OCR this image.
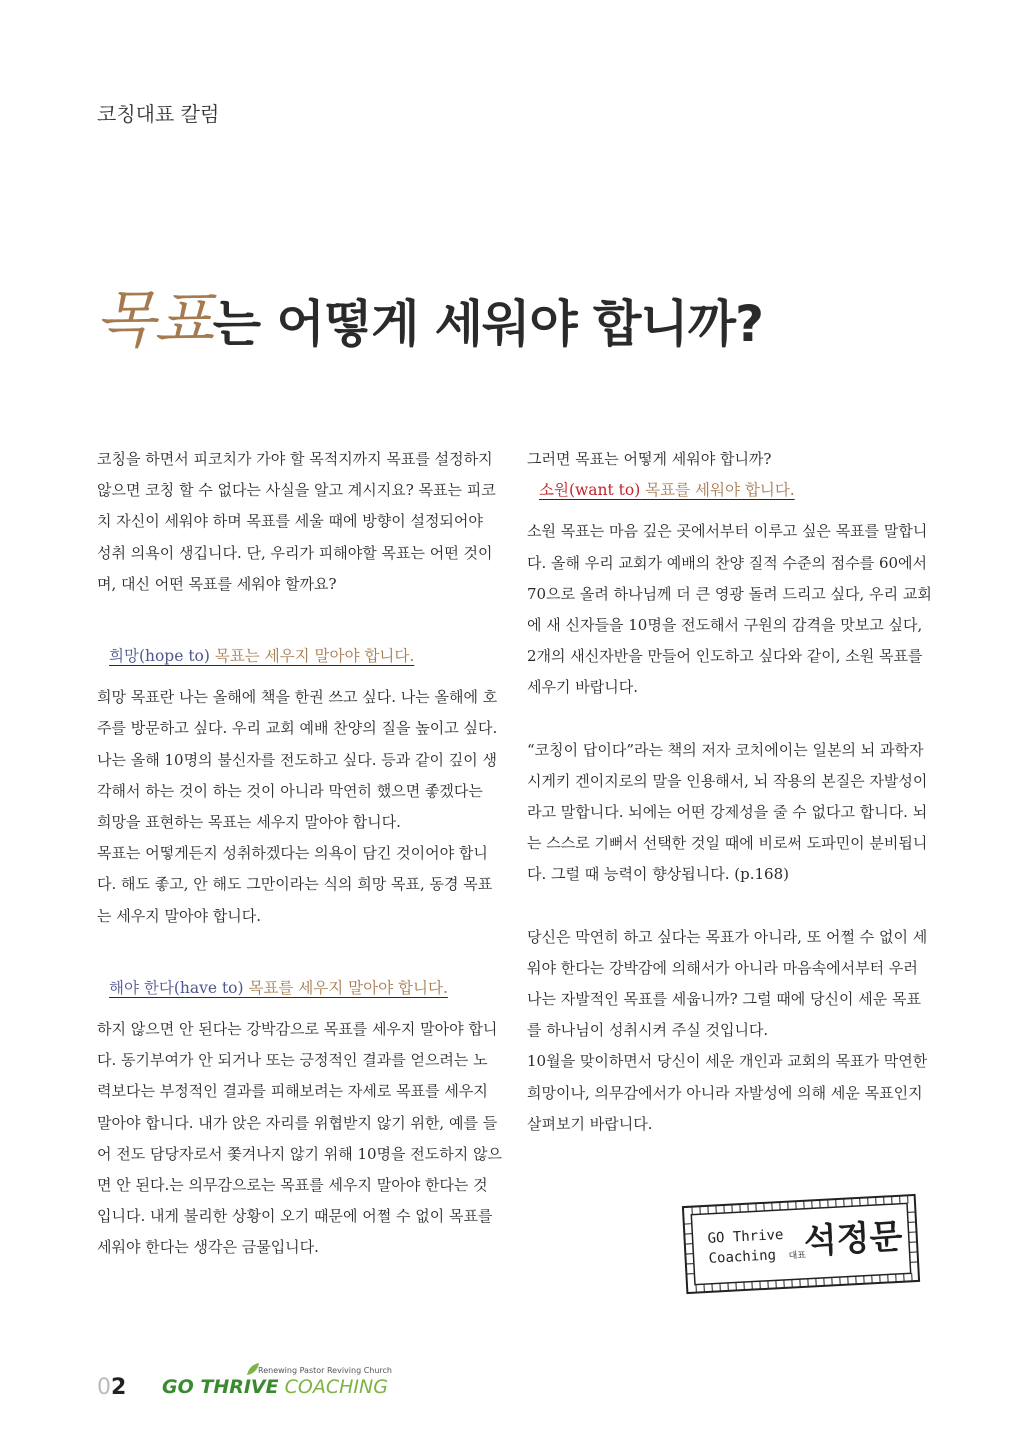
코칭대표 칼럼
목표는 어떻게 세워야 합니까?

코칭을 하면서 피코치가 가야 할 목적지까지 목표를 설정하지 않으면 코칭 할 수 없다는 사실을 알고 계시지요? 목표는 피코치 자신이 세워야 하며 목표를 세울 때에 방향이 설정되어야 성취 의욕이 생깁니다. 단, 우리가 피해야할 목표는 어떤 것이며, 대신 어떤 목표를 세워야 할까요?

희망(hope to) 목표는 세우지 말아야 합니다.

희망 목표란 나는 올해에 책을 한권 쓰고 싶다. 나는 올해에 호주를 방문하고 싶다. 우리 교회 예배 찬양의 질을 높이고 싶다. 나는 올해 10명의 불신자를 전도하고 싶다. 등과 같이 깊이 생각해서 하는 것이 하는 것이 아니라 막연히 했으면 좋겠다는 희망을 표현하는 목표는 세우지 말아야 합니다.

목표는 어떻게든지 성취하겠다는 의욕이 담긴 것이어야 합니다. 해도 좋고, 안 해도 그만이라는 식의 희망 목표, 동경 목표는 세우지 말아야 합니다.

해야 한다(have to) 목표를 세우지 말아야 합니다.

하지 않으면 안 된다는 강박감으로 목표를 세우지 말아야 합니다. 동기부여가 안 되거나 또는 긍정적인 결과를 얻으려는 노력보다는 부정적인 결과를 피해보려는 자세로 목표를 세우지 말아야 합니다. 내가 앉은 자리를 위협받지 않기 위한, 예를 들어 전도 담당자로서 쫓겨나지 않기 위해 10명을 전도하지 않으면 안 된다.는 의무감으로는 목표를 세우지 말아야 한다는 것입니다. 내게 불리한 상황이 오기 때문에 어쩔 수 없이 목표를 세워야 한다는 생각은 금물입니다.

그러면 목표는 어떻게 세워야 합니까?

소원(want to) 목표를 세워야 합니다.

소원 목표는 마음 깊은 곳에서부터 이루고 싶은 목표를 말합니다. 올해 우리 교회가 예배의 찬양 질적 수준의 점수를 60에서 70으로 올려 하나님께 더 큰 영광 돌려 드리고 싶다, 우리 교회에 새 신자들을 10명을 전도해서 구원의 감격을 맛보고 싶다, 2개의 새신자반을 만들어 인도하고 싶다와 같이, 소원 목표를 세우기 바랍니다.

“코칭이 답이다”라는 책의 저자 코치에이는 일본의 뇌 과학자 시게키 겐이지로의 말을 인용해서, 뇌 작용의 본질은 자발성이라고 말합니다. 뇌에는 어떤 강제성을 줄 수 없다고 합니다. 뇌는 스스로 기뻐서 선택한 것일 때에 비로써 도파민이 분비됩니다. 그럴 때 능력이 향상됩니다. (p.168)

당신은 막연히 하고 싶다는 목표가 아니라, 또 어쩔 수 없이 세워야 한다는 강박감에 의해서가 아니라 마음속에서부터 우러나는 자발적인 목표를 세웁니까? 그럴 때에 당신이 세운 목표를 하나님이 성취시켜 주실 것입니다.

10월을 맞이하면서 당신이 세운 개인과 교회의 목표가 막연한 희망이나, 의무감에서가 아니라 자발성에 의해 세운 목표인지 살펴보기 바랍니다.

GO Thrive
Coaching	대표
석정문
02
Renewing Pastor Reviving Church
GO THRIVE COACHING
